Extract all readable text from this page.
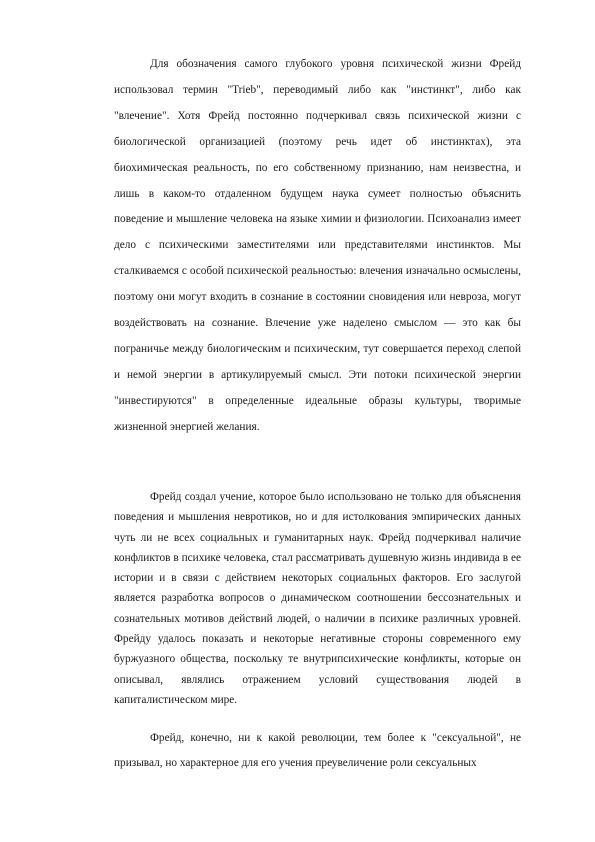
Для обозначения самого глубокого уровня психической жизни Фрейд использовал термин "Trieb", переводимый либо как "инстинкт", либо как "влечение". Хотя Фрейд постоянно подчеркивал связь психической жизни с биологической организацией (поэтому речь идет об инстинктах), эта биохимическая реальность, по его собственному признанию, нам неизвестна, и лишь в каком-то отдаленном будущем наука сумеет полностью объяснить поведение и мышление человека на языке химии и физиологии. Психоанализ имеет дело с психическими заместителями или представителями инстинктов. Мы сталкиваемся с особой психической реальностью: влечения изначально осмыслены, поэтому они могут входить в сознание в состоянии сновидения или невроза, могут воздействовать на сознание. Влечение уже наделено смыслом — это как бы пограничье между биологическим и психическим, тут совершается переход слепой и немой энергии в артикулируемый смысл. Эти потоки психической энергии "инвестируются" в определенные идеальные образы культуры, творимые жизненной энергией желания.

Фрейд создал учение, которое было использовано не только для объяснения поведения и мышления невротиков, но и для истолкования эмпирических данных чуть ли не всех социальных и гуманитарных наук. Фрейд подчеркивал наличие конфликтов в психике человека, стал рассматривать душевную жизнь индивида в ее истории и в связи с действием некоторых социальных факторов. Его заслугой является разработка вопросов о динамическом соотношении бессознательных и сознательных мотивов действий людей, о наличии в психике различных уровней. Фрейду удалось показать и некоторые негативные стороны современного ему буржуазного общества, поскольку те внутрипсихические конфликты, которые он описывал, являлись отражением условий существования людей в капиталистическом мире.

Фрейд, конечно, ни к какой революции, тем более к "сексуальной", не призывал, но характерное для его учения преувеличение роли сексуальных
